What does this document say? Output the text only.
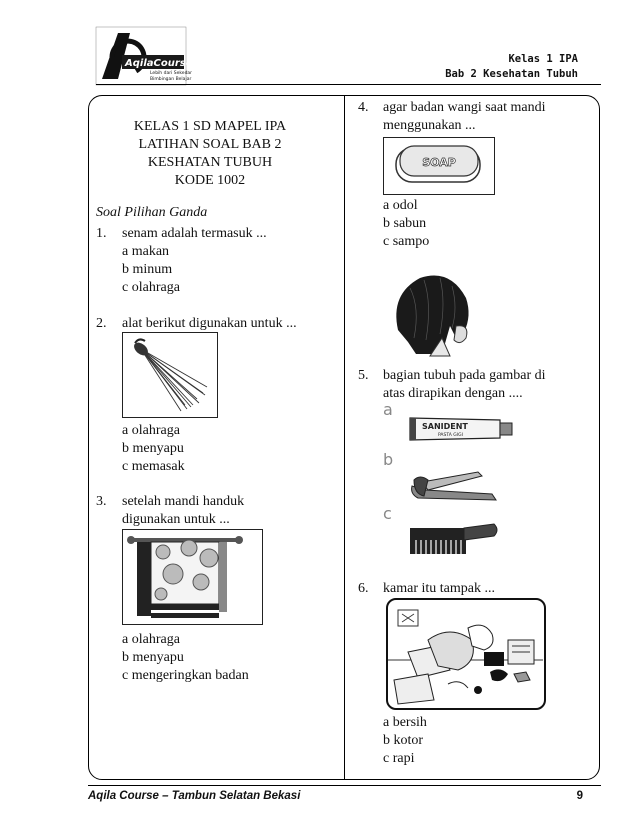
AqilaCourse
Lebih dari Sekedar
Bimbingan Belajar
Kelas 1 IPA
Bab 2 Kesehatan Tubuh
KELAS 1 SD MAPEL IPA
LATIHAN SOAL BAB 2
KESHATAN TUBUH
KODE 1002
Soal Pilihan Ganda
1. senam adalah termasuk ...
a makan
b minum
c olahraga
2. alat berikut digunakan untuk ...
a olahraga
b menyapu
c memasak
3. setelah mandi handuk
digunakan untuk ...
a olahraga
b menyapu
c mengeringkan badan
4. agar badan wangi saat mandi
menggunakan ...
SOAP
a odol
b sabun
c sampo
5. bagian tubuh pada gambar di
atas dirapikan dengan ....
a
SANIDENT
PASTA GIGI
b
c
6. kamar itu tampak ...
a bersih
b kotor
c rapi
Aqila Course – Tambun Selatan Bekasi	9
